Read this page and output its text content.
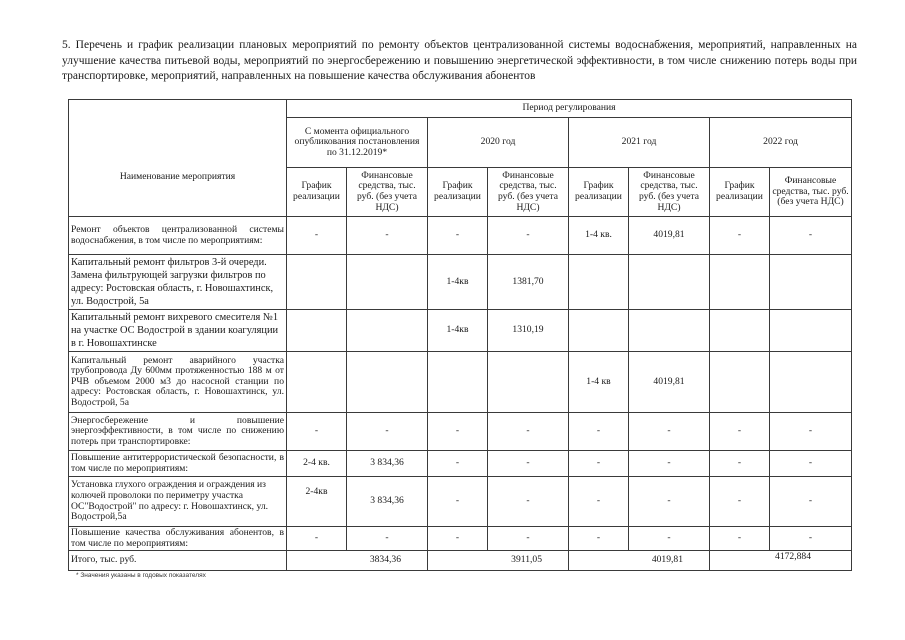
5. Перечень и график реализации плановых мероприятий по ремонту объектов централизованной системы водоснабжения, мероприятий, направленных на улучшение качества питьевой воды, мероприятий по энергосбережению и повышению энергетической эффективности, в том числе снижению потерь воды при транспортировке, мероприятий, направленных на повышение качества обслуживания абонентов
Наименование мероприятия	Период регулирования							
	С момента официального опубликования постановления по 31.12.2019*		2020 год		2021 год		2022 год	
	График реализации	Финансовые средства, тыс. руб. (без учета НДС)	График реализации	Финансовые средства, тыс. руб. (без учета НДС)	График реализации	Финансовые средства, тыс. руб. (без учета НДС)	График реализации	Финансовые средства, тыс. руб. (без учета НДС)
Ремонт объектов централизованной системы водоснабжения, в том числе по мероприятиям:	-	-	-	-	1-4 кв.	4019,81	-	-
Капитальный ремонт фильтров 3-й очереди. Замена фильтрующей загрузки фильтров по адресу: Ростовская область, г. Новошахтинск, ул. Водострой, 5а			1-4кв	1381,70				
Капитальный ремонт вихревого смесителя №1 на участке ОС Водострой в здании коагуляции в г. Новошахтинске			1-4кв	1310,19				
Капитальный ремонт аварийного участка трубопровода Ду 600мм протяженностью 188 м от РЧВ объемом 2000 м3 до насосной станции по адресу: Ростовская область, г. Новошахтинск, ул. Водострой, 5а					1-4 кв	4019,81		
Энергосбережение и повышение энергоэффективности, в том числе по снижению потерь при транспортировке:	-	-	-	-	-	-	-	-
Повышение антитеррористической безопасности, в том числе по мероприятиям:	2-4 кв.	3 834,36	-	-	-	-	-	-
Установка глухого ограждения и ограждения из колючей проволоки по периметру участка ОС"Водострой" по адресу: г. Новошахтинск, ул. Водострой,5а	2-4кв	3 834,36	-	-	-	-	-	-
Повышение качества обслуживания абонентов, в том числе по мероприятиям:	-	-	-	-	-	-	-	-
Итого, тыс. руб.	3834,36		3911,05		4019,81		4172,884	
* Значения указаны в годовых показателях
